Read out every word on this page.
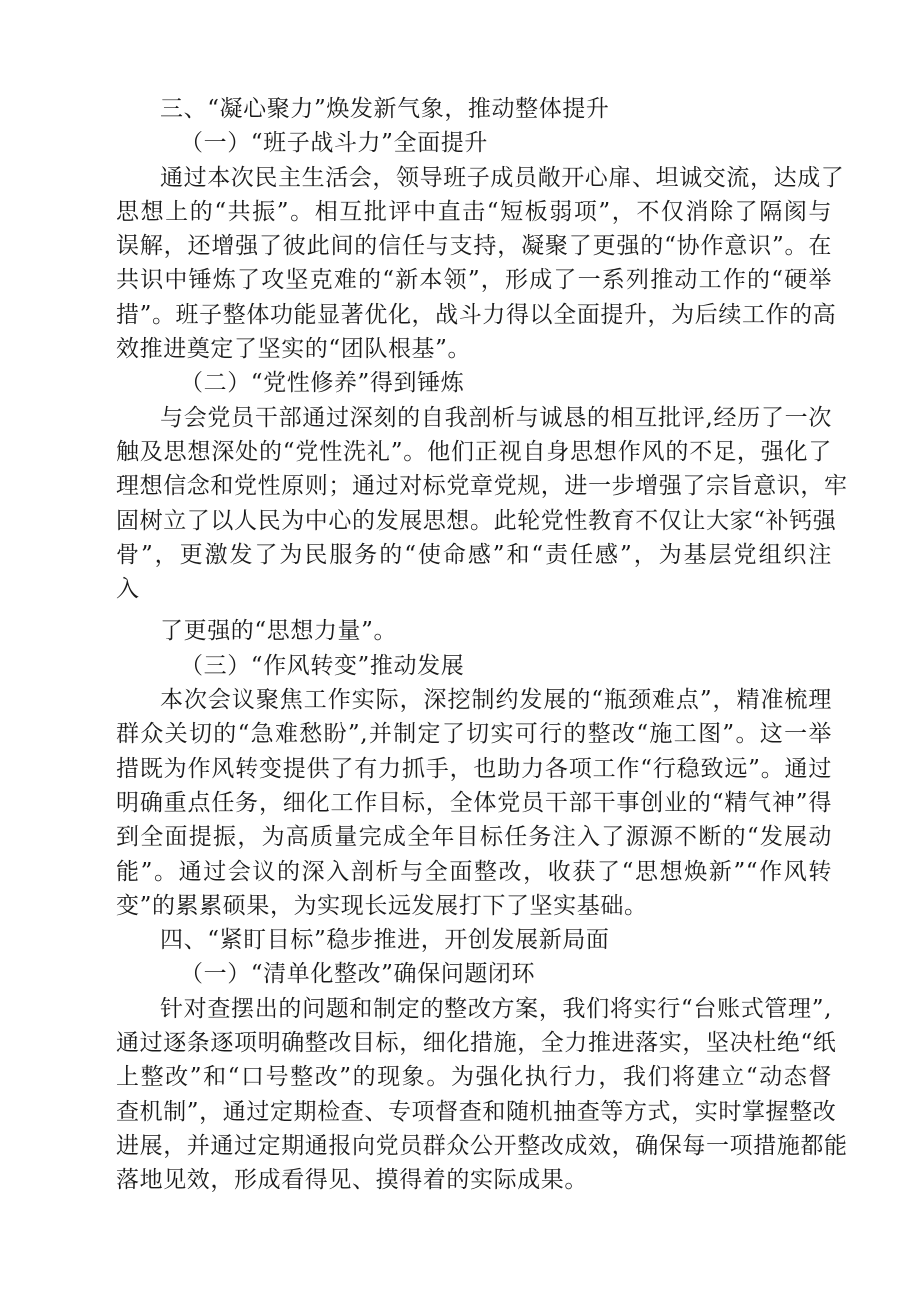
三、“凝心聚力”焕发新气象，推动整体提升
（一）“班子战斗力”全面提升
通过本次民主生活会，领导班子成员敞开心扉、坦诚交流，达成了
思想上的“共振”。相互批评中直击“短板弱项”，不仅消除了隔阂与
误解，还增强了彼此间的信任与支持，凝聚了更强的“协作意识”。在
共识中锤炼了攻坚克难的“新本领”，形成了一系列推动工作的“硬举
措”。班子整体功能显著优化，战斗力得以全面提升，为后续工作的高
效推进奠定了坚实的“团队根基”。
（二）“党性修养”得到锤炼
与会党员干部通过深刻的自我剖析与诚恳的相互批评,经历了一次
触及思想深处的“党性洗礼”。他们正视自身思想作风的不足，强化了
理想信念和党性原则；通过对标党章党规，进一步增强了宗旨意识，牢
固树立了以人民为中心的发展思想。此轮党性教育不仅让大家“补钙强
骨”，更激发了为民服务的“使命感”和“责任感”，为基层党组织注
入
了更强的“思想力量”。
（三）“作风转变”推动发展
本次会议聚焦工作实际，深挖制约发展的“瓶颈难点”，精准梳理
群众关切的“急难愁盼”,并制定了切实可行的整改“施工图”。这一举
措既为作风转变提供了有力抓手，也助力各项工作“行稳致远”。通过
明确重点任务，细化工作目标，全体党员干部干事创业的“精气神”得
到全面提振，为高质量完成全年目标任务注入了源源不断的“发展动
能”。通过会议的深入剖析与全面整改，收获了“思想焕新”“作风转
变”的累累硕果，为实现长远发展打下了坚实基础。
四、“紧盯目标”稳步推进，开创发展新局面
（一）“清单化整改”确保问题闭环
针对查摆出的问题和制定的整改方案，我们将实行“台账式管理”,
通过逐条逐项明确整改目标，细化措施，全力推进落实，坚决杜绝“纸
上整改”和“口号整改”的现象。为强化执行力，我们将建立“动态督
查机制”，通过定期检查、专项督查和随机抽查等方式，实时掌握整改
进展，并通过定期通报向党员群众公开整改成效，确保每一项措施都能
落地见效，形成看得见、摸得着的实际成果。
